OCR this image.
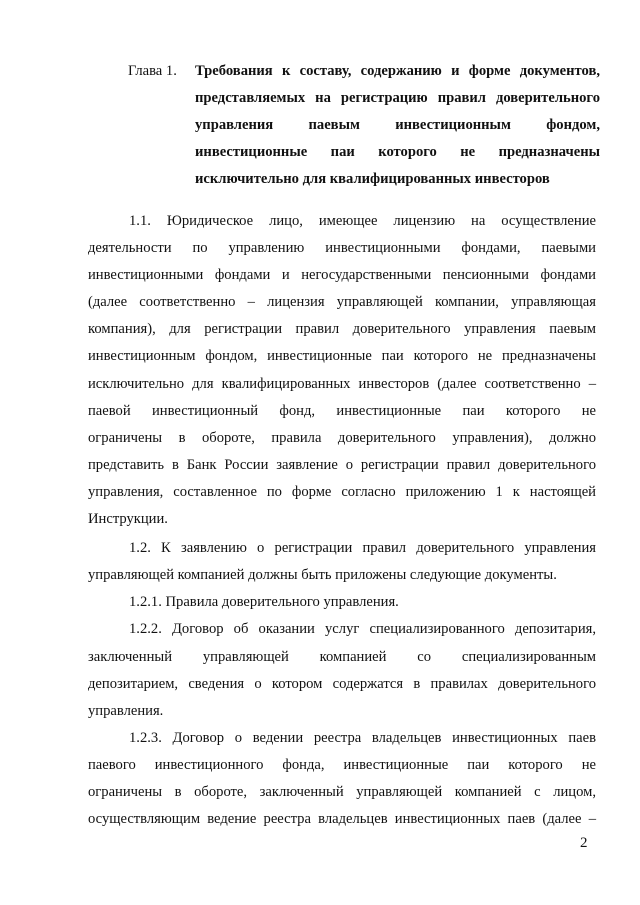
Глава 1.	Требования к составу, содержанию и форме документов,
представляемых на регистрацию правил доверительного
управления паевым инвестиционным фондом,
инвестиционные паи которого не предназначены
исключительно для квалифицированных инвесторов
1.1. Юридическое лицо, имеющее лицензию на осуществление
деятельности по управлению инвестиционными фондами, паевыми
инвестиционными фондами и негосударственными пенсионными фондами
(далее соответственно – лицензия управляющей компании, управляющая
компания), для регистрации правил доверительного управления паевым
инвестиционным фондом, инвестиционные паи которого не предназначены
исключительно для квалифицированных инвесторов (далее соответственно –
паевой инвестиционный фонд, инвестиционные паи которого не
ограничены в обороте, правила доверительного управления), должно
представить в Банк России заявление о регистрации правил доверительного
управления, составленное по форме согласно приложению 1 к настоящей
Инструкции.
1.2. К заявлению о регистрации правил доверительного управления
управляющей компанией должны быть приложены следующие документы.
1.2.1. Правила доверительного управления.
1.2.2. Договор об оказании услуг специализированного депозитария,
заключенный управляющей компанией со специализированным
депозитарием, сведения о котором содержатся в правилах доверительного
управления.
1.2.3. Договор о ведении реестра владельцев инвестиционных паев
паевого инвестиционного фонда, инвестиционные паи которого не
ограничены в обороте, заключенный управляющей компанией с лицом,
осуществляющим ведение реестра владельцев инвестиционных паев (далее –
2
